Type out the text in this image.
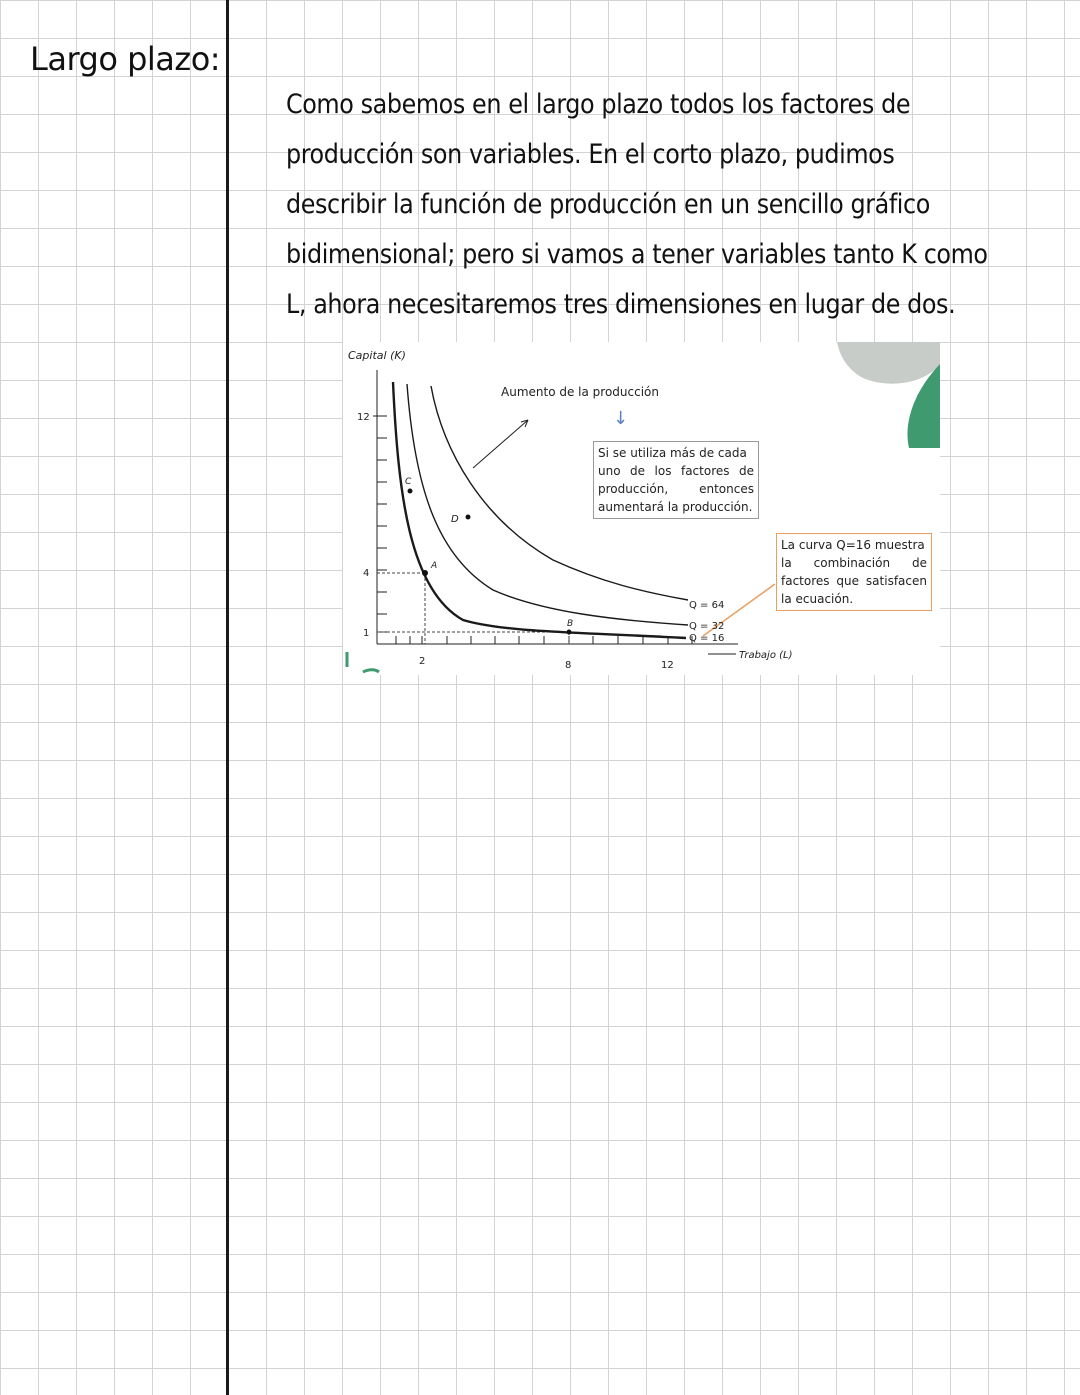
Largo plazo:

Como sabemos en el largo plazo todos los factores de
producción son variables. En el corto plazo, pudimos
describir la función de producción en un sencillo gráfico
bidimensional; pero si vamos a tener variables tanto K como
L, ahora necesitaremos tres dimensiones en lugar de dos.

Capital (K)
Trabajo (L)
12
4
1
2	8	12
Aumento de la producción
↓
Q = 64
Q = 32
Q = 16
A
B
C
D
Si se utiliza más de cada
uno de los factores de
producción, entonces
aumentará la producción.
La curva Q=16 muestra
la combinación de
factores que satisfacen
la ecuación.
